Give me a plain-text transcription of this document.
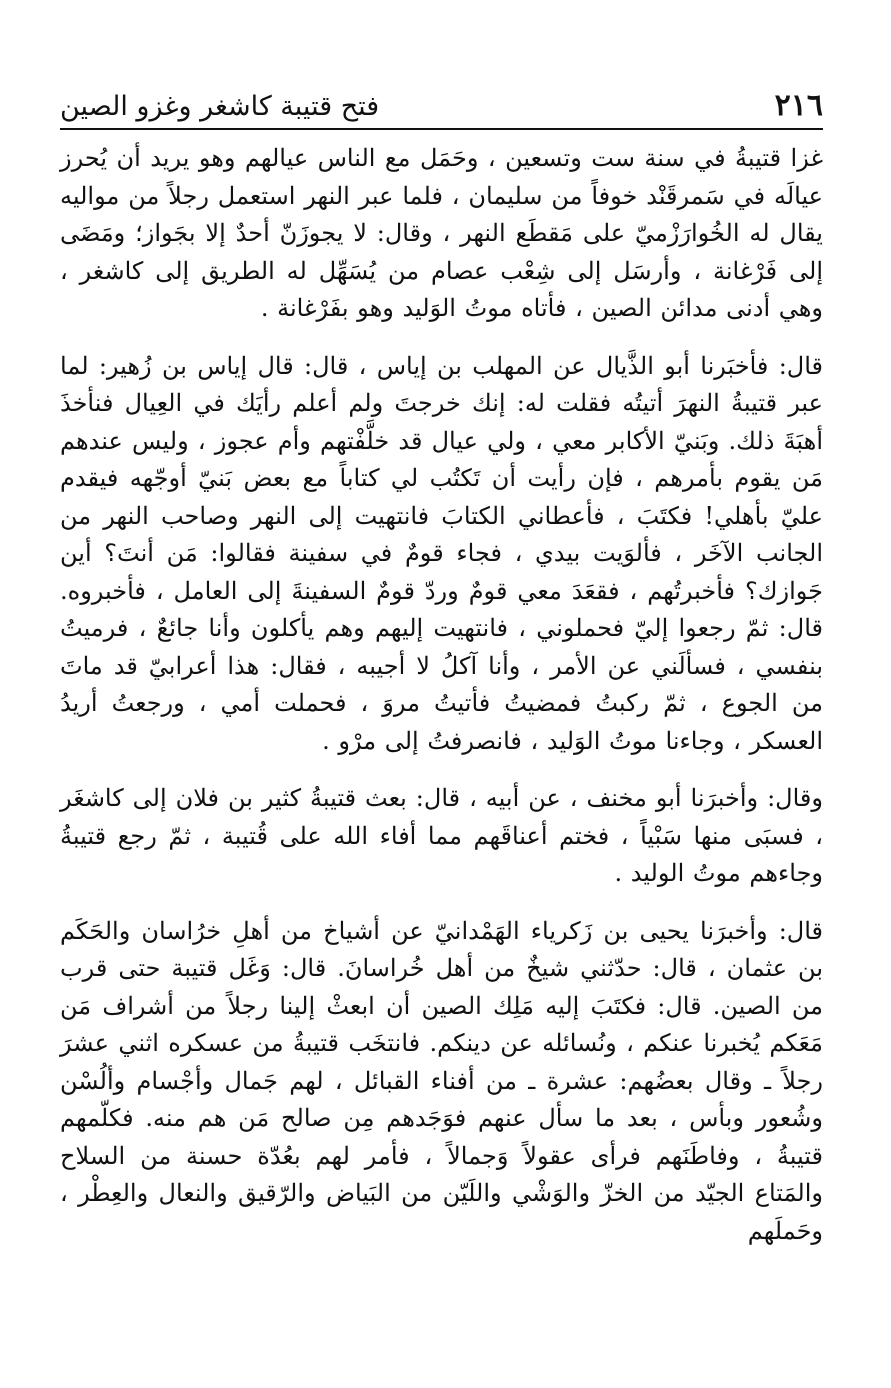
٢١٦
فتح قتيبة كاشغر وغزو الصين

غزا قتيبةُ في سنة ست وتسعين ، وحَمَل مع الناس عيالهم وهو يريد أن يُحرز عيالَه في سَمرقَنْد خوفاً من سليمان ، فلما عبر النهر استعمل رجلاً من مواليه يقال له الخُوارَزْميّ على مَقطَع النهر ، وقال: لا يجوزَنّ أحدٌ إلا بجَواز؛ ومَضَى إلى فَرْغانة ، وأرسَل إلى شِعْب عصام من يُسَهِّل له الطريق إلى كاشغر ، وهي أدنى مدائن الصين ، فأتاه موتُ الوَليد وهو بفَرْغانة .

قال: فأخبَرنا أبو الذَّيال عن المهلب بن إياس ، قال: قال إياس بن زُهير: لما عبر قتيبةُ النهرَ أتيتُه فقلت له: إنك خرجتَ ولم أعلم رأيَك في العِيال فنأخذَ أهبَةَ ذلك. وبَنيّ الأكابر معي ، ولي عيال قد خلَّفْتهم وأم عجوز ، وليس عندهم مَن يقوم بأمرهم ، فإن رأيت أن تَكتُب لي كتاباً مع بعض بَنيّ أوجّهه فيقدم عليّ بأهلي! فكتَبَ ، فأعطاني الكتابَ فانتهيت إلى النهر وصاحب النهر من الجانب الآخَر ، فألوَيت بيدي ، فجاء قومٌ في سفينة فقالوا: مَن أنتَ؟ أين جَوازك؟ فأخبرتُهم ، فقعَدَ معي قومٌ وردّ قومٌ السفينةَ إلى العامل ، فأخبروه. قال: ثمّ رجعوا إليّ فحملوني ، فانتهيت إليهم وهم يأكلون وأنا جائعٌ ، فرميتُ بنفسي ، فسألَني عن الأمر ، وأنا آكلُ لا أجيبه ، فقال: هذا أعرابيّ قد ماتَ من الجوع ، ثمّ ركبتُ فمضيتُ فأتيتُ مروَ ، فحملت أمي ، ورجعتُ أريدُ العسكر ، وجاءنا موتُ الوَليد ، فانصرفتُ إلى مرْو .

وقال: وأخبرَنا أبو مخنف ، عن أبيه ، قال: بعث قتيبةُ كثير بن فلان إلى كاشغَر ، فسبَى منها سَبْياً ، فختم أعناقَهم مما أفاء الله على قُتيبة ، ثمّ رجع قتيبةُ وجاءهم موتُ الوليد .

قال: وأخبرَنا يحيى بن زَكرياء الهَمْدانيّ عن أشياخ من أهلِ خرُاسان والحَكَم بن عثمان ، قال: حدّثني شيخٌ من أهل خُراسانَ. قال: وَغَل قتيبة حتى قرب من الصين. قال: فكتَبَ إليه مَلِك الصين أن ابعثْ إلينا رجلاً من أشراف مَن مَعَكم يُخبرنا عنكم ، ونُسائله عن دينكم. فانتخَب قتيبةُ من عسكره اثني عشرَ رجلاً ـ وقال بعضُهم: عشرة ـ من أفناء القبائل ، لهم جَمال وأجْسام وألُسْن وشُعور وبأس ، بعد ما سأل عنهم فوَجَدهم مِن صالح مَن هم منه. فكلّمهم قتيبةُ ، وفاطَنَهم فرأى عقولاً وَجمالاً ، فأمر لهم بعُدّة حسنة من السلاح والمَتاع الجيّد من الخزّ والوَشْي واللَيّن من البَياض والرّقيق والنعال والعِطْر ، وحَملَهم
